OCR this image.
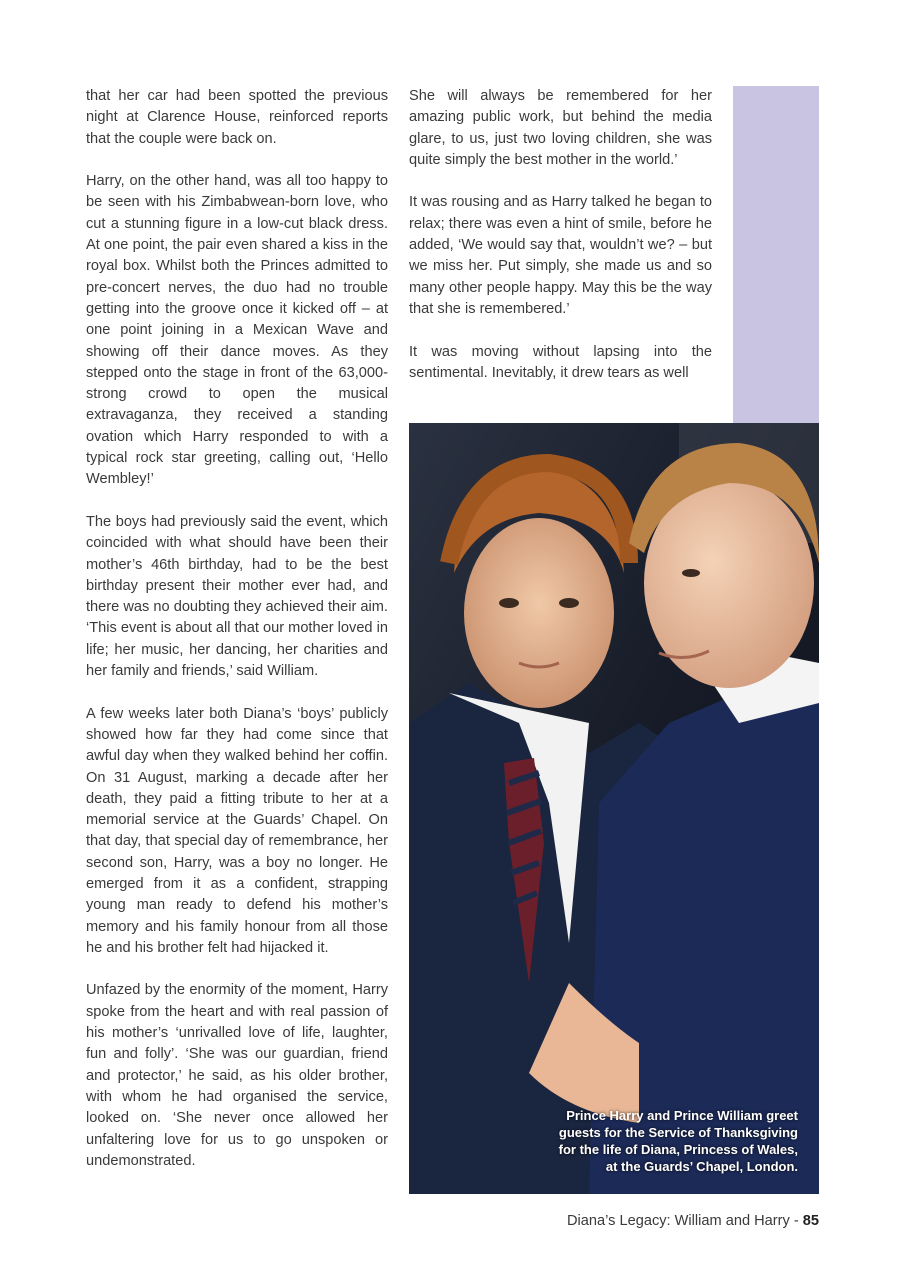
that her car had been spotted the previous night at Clarence House, reinforced reports that the couple were back on.

Harry, on the other hand, was all too happy to be seen with his Zimbabwean-born love, who cut a stunning figure in a low-cut black dress. At one point, the pair even shared a kiss in the royal box. Whilst both the Princes admitted to pre-concert nerves, the duo had no trouble getting into the groove once it kicked off – at one point joining in a Mexican Wave and showing off their dance moves. As they stepped onto the stage in front of the 63,000-strong crowd to open the musical extravaganza, they received a standing ovation which Harry responded to with a typical rock star greeting, calling out, ‘Hello Wembley!’

The boys had previously said the event, which coincided with what should have been their mother’s 46th birthday, had to be the best birthday present their mother ever had, and there was no doubting they achieved their aim. ‘This event is about all that our mother loved in life; her music, her dancing, her charities and her family and friends,’ said William.

A few weeks later both Diana’s ‘boys’ publicly showed how far they had come since that awful day when they walked behind her coffin. On 31 August, marking a decade after her death, they paid a fitting tribute to her at a memorial service at the Guards’ Chapel. On that day, that special day of remembrance, her second son, Harry, was a boy no longer. He emerged from it as a confident, strapping young man ready to defend his mother’s memory and his family honour from all those he and his brother felt had hijacked it.

Unfazed by the enormity of the moment, Harry spoke from the heart and with real passion of his mother’s ‘unrivalled love of life, laughter, fun and folly’. ‘She was our guardian, friend and protector,’ he said, as his older brother, with whom he had organised the service, looked on. ‘She never once allowed her unfaltering love for us to go unspoken or undemonstrated.

She will always be remembered for her amazing public work, but behind the media glare, to us, just two loving children, she was quite simply the best mother in the world.’

It was rousing and as Harry talked he began to relax; there was even a hint of smile, before he added, ‘We would say that, wouldn’t we? – but we miss her. Put simply, she made us and so many other people happy. May this be the way that she is remembered.’

It was moving without lapsing into the sentimental. Inevitably, it drew tears as well

Prince Harry and Prince William greet
guests for the Service of Thanksgiving
for the life of Diana, Princess of Wales,
at the Guards’ Chapel, London.
Diana’s Legacy: William and Harry - 85
